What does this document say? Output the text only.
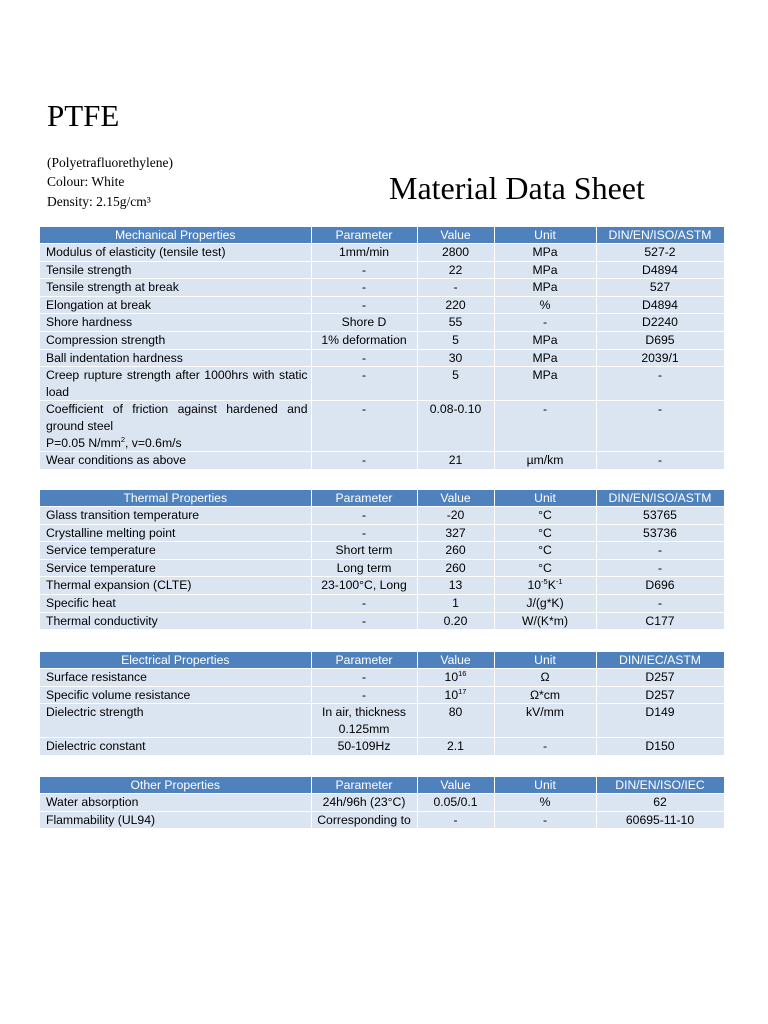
PTFE
(Polyetrafluorethylene)
Colour: White
Density: 2.15g/cm³	Material Data Sheet
Mechanical Properties	Parameter	Value	Unit	DIN/EN/ISO/ASTM
Modulus of elasticity (tensile test)	1mm/min	2800	MPa	527-2
Tensile strength	-	22	MPa	D4894
Tensile strength at break	-	-	MPa	527
Elongation at break	-	220	%	D4894
Shore hardness	Shore D	55	-	D2240
Compression strength	1% deformation	5	MPa	D695
Ball indentation hardness	-	30	MPa	2039/1
Creep rupture strength after 1000hrs with static load	-	5	MPa	-
Coefficient of friction against hardened and ground steel
P=0.05 $N/mm^2$, v=0.6m/s	-	0.08-0.10	-	-
Wear conditions as above	-	21	µm/km	-
Thermal Properties	Parameter	Value	Unit	DIN/EN/ISO/ASTM
Glass transition temperature	-	-20	°C	53765
Crystalline melting point	-	327	°C	53736
Service temperature	Short term	260	°C	-
Service temperature	Long term	260	°C	-
Thermal expansion (CLTE)	23-100°C, Long	13	$10^{-5}K^{-1}$	D696
Specific heat	-	1	J/(g*K)	-
Thermal conductivity	-	0.20	W/(K*m)	C177
Electrical Properties	Parameter	Value	Unit	DIN/IEC/ASTM
Surface resistance	-	$10^{16}$	Ω	D257
Specific volume resistance	-	$10^{17}$	Ω*cm	D257
Dielectric strength	In air, thickness 0.125mm	80	kV/mm	D149
Dielectric constant	50-109Hz	2.1	-	D150
Other Properties	Parameter	Value	Unit	DIN/EN/ISO/IEC
Water absorption	24h/96h (23°C)	0.05/0.1	%	62
Flammability (UL94)	Corresponding to	-	-	60695-11-10
